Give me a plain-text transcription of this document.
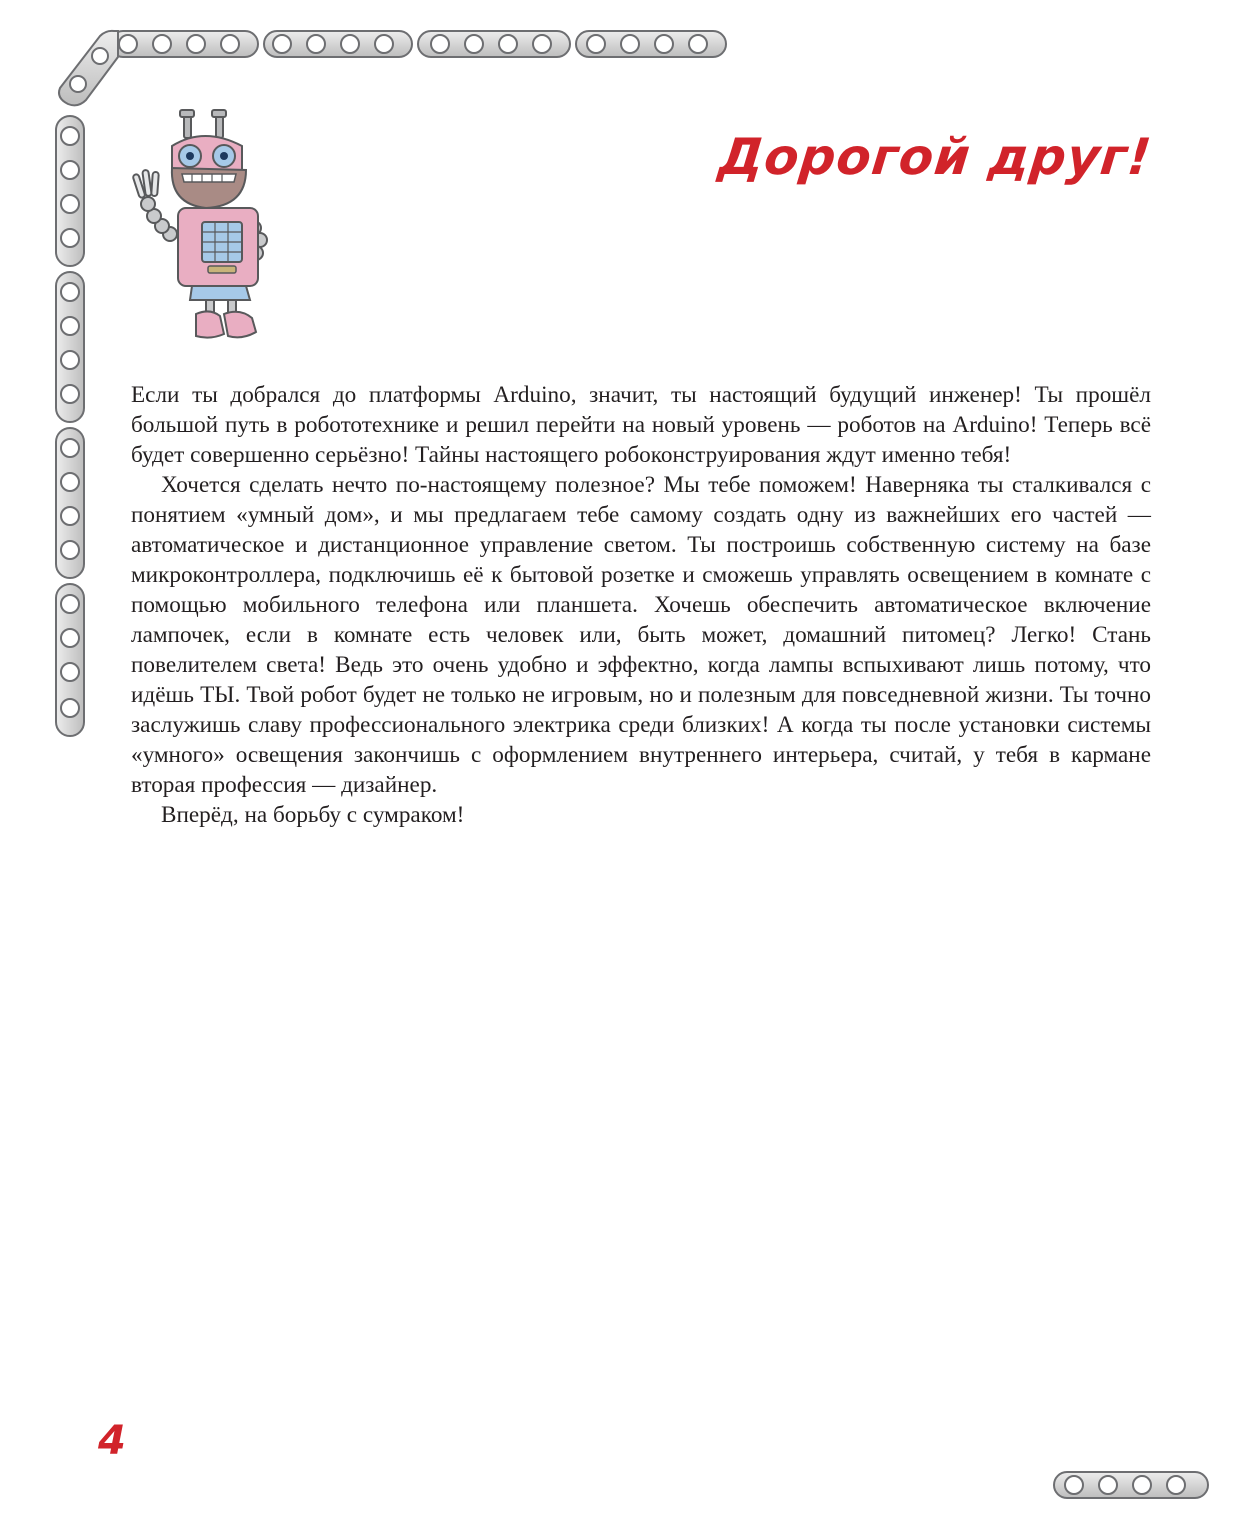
Дорогой друг!

Если ты добрался до платформы Arduino, значит, ты настоящий будущий инженер! Ты прошёл большой путь в робототехнике и решил перейти на новый уровень — роботов на Arduino! Теперь всё будет совершенно серьёзно! Тайны настоящего робоконструирования ждут именно тебя!

Хочется сделать нечто по-настоящему полезное? Мы тебе поможем! Наверняка ты сталкивался с понятием «умный дом», и мы предлагаем тебе самому создать одну из важнейших его частей — автоматическое и дистанционное управление светом. Ты построишь собственную систему на базе микроконтроллера, подключишь её к бытовой розетке и сможешь управлять освещением в комнате с помощью мобильного телефона или планшета. Хочешь обеспечить автоматическое включение лампочек, если в комнате есть человек или, быть может, домашний питомец? Легко! Стань повелителем света! Ведь это очень удобно и эффектно, когда лампы вспыхивают лишь потому, что идёшь ТЫ. Твой робот будет не только не игровым, но и полезным для повседневной жизни. Ты точно заслужишь славу профессионального электрика среди близких! А когда ты после установки системы «умного» освещения закончишь с оформлением внутреннего интерьера, считай, у тебя в кармане вторая профессия — дизайнер.

Вперёд, на борьбу с сумраком!

4
